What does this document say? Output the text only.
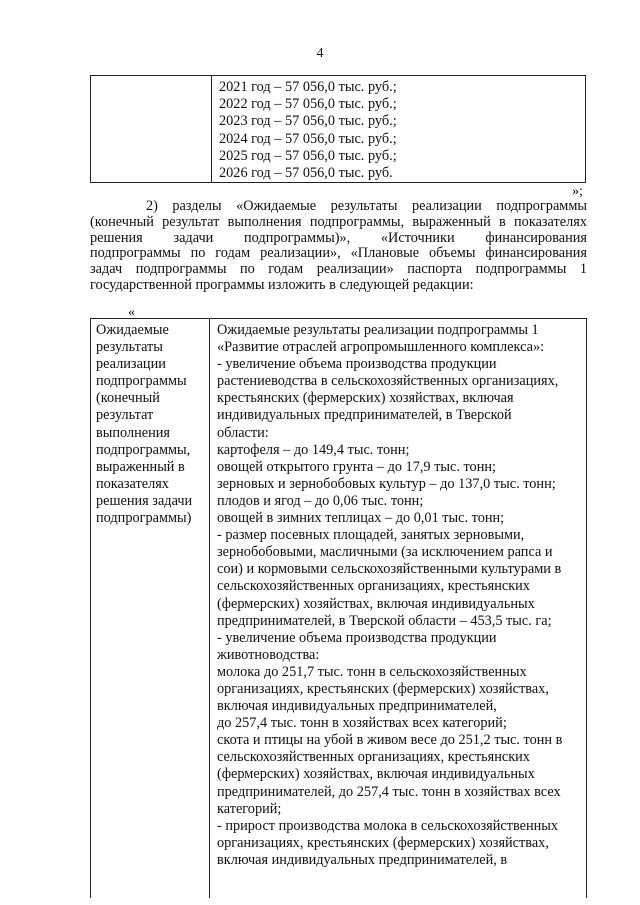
4
2021 год – 57 056,0 тыс. руб.;
2022 год – 57 056,0 тыс. руб.;
2023 год – 57 056,0 тыс. руб.;
2024 год – 57 056,0 тыс. руб.;
2025 год – 57 056,0 тыс. руб.;
2026 год – 57 056,0 тыс. руб.
»;
2) разделы «Ожидаемые результаты реализации подпрограммы
(конечный результат выполнения подпрограммы, выраженный в показателях
решения задачи подпрограммы)», «Источники финансирования
подпрограммы по годам реализации», «Плановые объемы финансирования
задач подпрограммы по годам реализации» паспорта подпрограммы 1
государственной программы изложить в следующей редакции:
«
Ожидаемые
результаты
реализации
подпрограммы
(конечный
результат
выполнения
подпрограммы,
выраженный в
показателях
решения задачи
подпрограммы)
Ожидаемые результаты реализации подпрограммы 1
«Развитие отраслей агропромышленного комплекса»:
- увеличение объема производства продукции
растениеводства в сельскохозяйственных организациях,
крестьянских (фермерских) хозяйствах, включая
индивидуальных предпринимателей, в Тверской
области:
картофеля – до 149,4 тыс. тонн;
овощей открытого грунта – до 17,9 тыс. тонн;
зерновых и зернобобовых культур – до 137,0 тыс. тонн;
плодов и ягод – до 0,06 тыс. тонн;
овощей в зимних теплицах – до 0,01 тыс. тонн;
- размер посевных площадей, занятых зерновыми,
зернобобовыми, масличными (за исключением рапса и
сои) и кормовыми сельскохозяйственными культурами в
сельскохозяйственных организациях, крестьянских
(фермерских) хозяйствах, включая индивидуальных
предпринимателей, в Тверской области – 453,5 тыс. га;
- увеличение объема производства продукции
животноводства:
молока до 251,7 тыс. тонн в сельскохозяйственных
организациях, крестьянских (фермерских) хозяйствах,
включая индивидуальных предпринимателей,
до 257,4 тыс. тонн в хозяйствах всех категорий;
скота и птицы на убой в живом весе до 251,2 тыс. тонн в
сельскохозяйственных организациях, крестьянских
(фермерских) хозяйствах, включая индивидуальных
предпринимателей, до 257,4 тыс. тонн в хозяйствах всех
категорий;
- прирост производства молока в сельскохозяйственных
организациях, крестьянских (фермерских) хозяйствах,
включая индивидуальных предпринимателей, в
